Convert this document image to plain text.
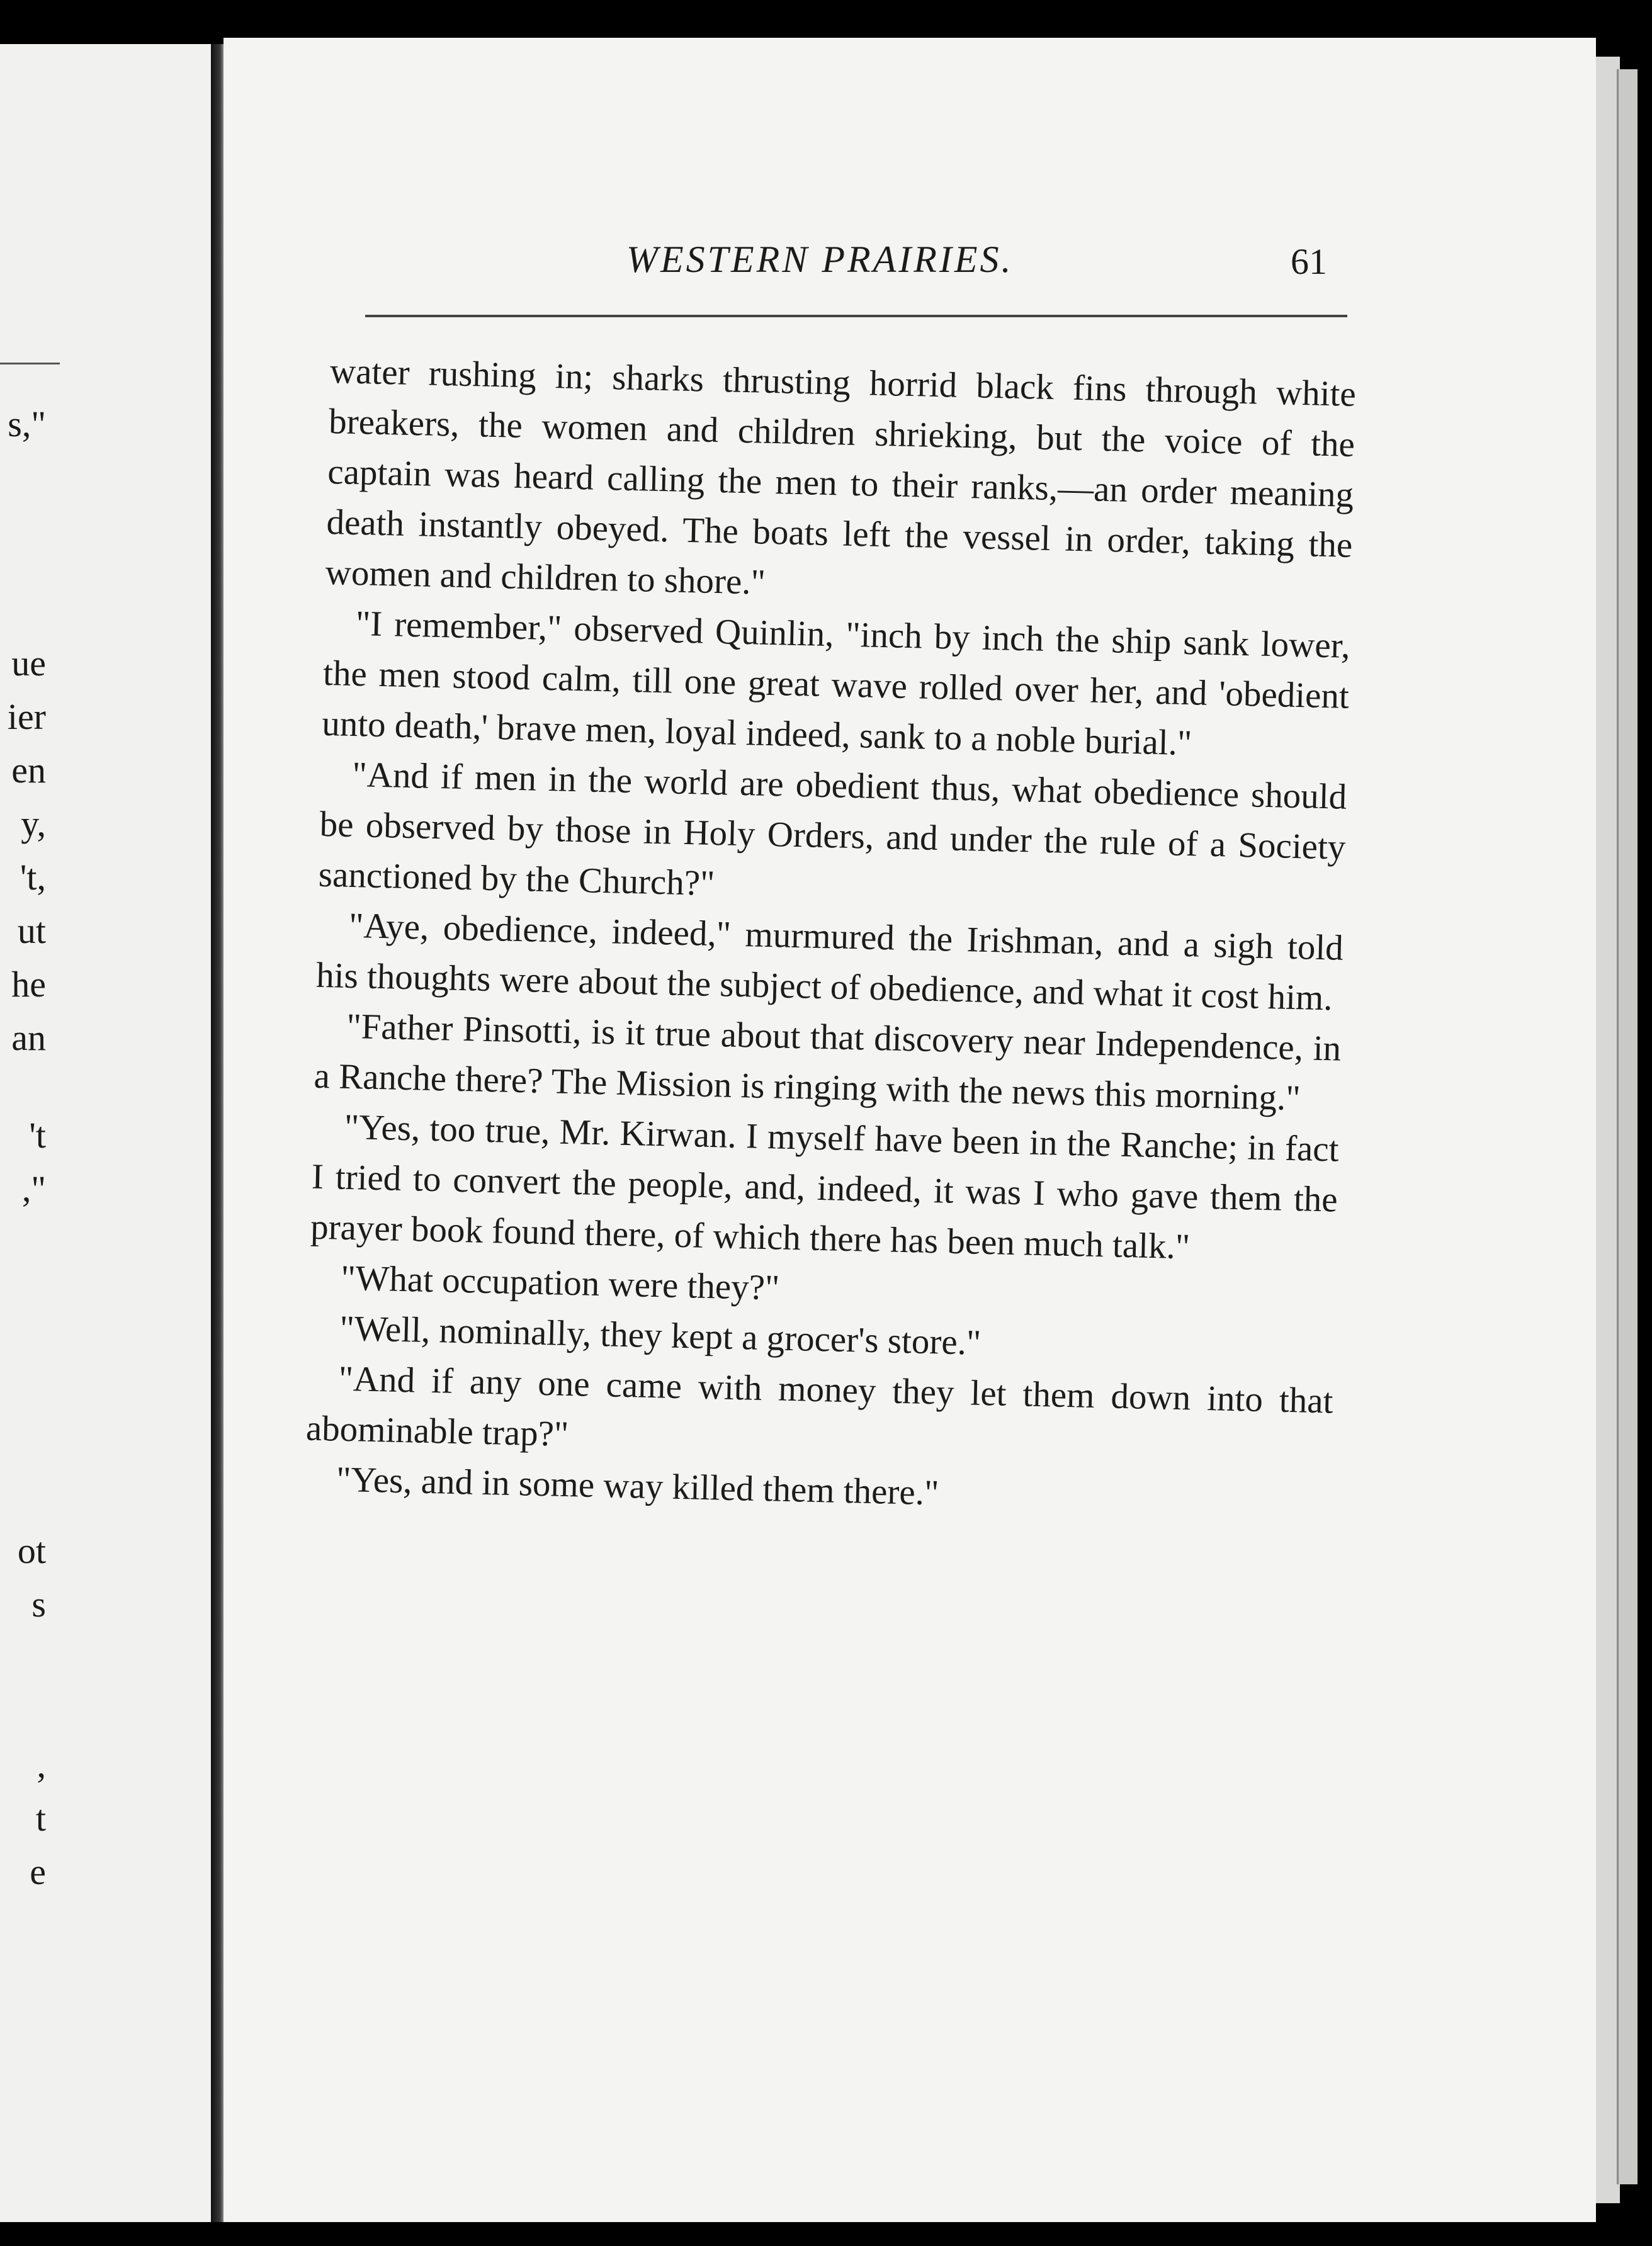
s,"
ue
ier
en
y,
't,
ut
he
an
't
,"
ot
s
,
t
e
WESTERN PRAIRIES.	61

water rushing in; sharks thrusting horrid black fins through white breakers, the women and children shrieking, but the voice of the captain was heard calling the men to their ranks,—an order meaning death instantly obeyed. The boats left the vessel in order, taking the women and children to shore."

"I remember," observed Quinlin, "inch by inch the ship sank lower, the men stood calm, till one great wave rolled over her, and 'obedient unto death,' brave men, loyal indeed, sank to a noble burial."

"And if men in the world are obedient thus, what obedience should be observed by those in Holy Orders, and under the rule of a Society sanctioned by the Church?"

"Aye, obedience, indeed," murmured the Irishman, and a sigh told his thoughts were about the subject of obedience, and what it cost him.

"Father Pinsotti, is it true about that discovery near Independence, in a Ranche there? The Mission is ringing with the news this morning."

"Yes, too true, Mr. Kirwan. I myself have been in the Ranche; in fact I tried to convert the people, and, indeed, it was I who gave them the prayer book found there, of which there has been much talk."

"What occupation were they?"

"Well, nominally, they kept a grocer's store."

"And if any one came with money they let them down into that abominable trap?"

"Yes, and in some way killed them there."
